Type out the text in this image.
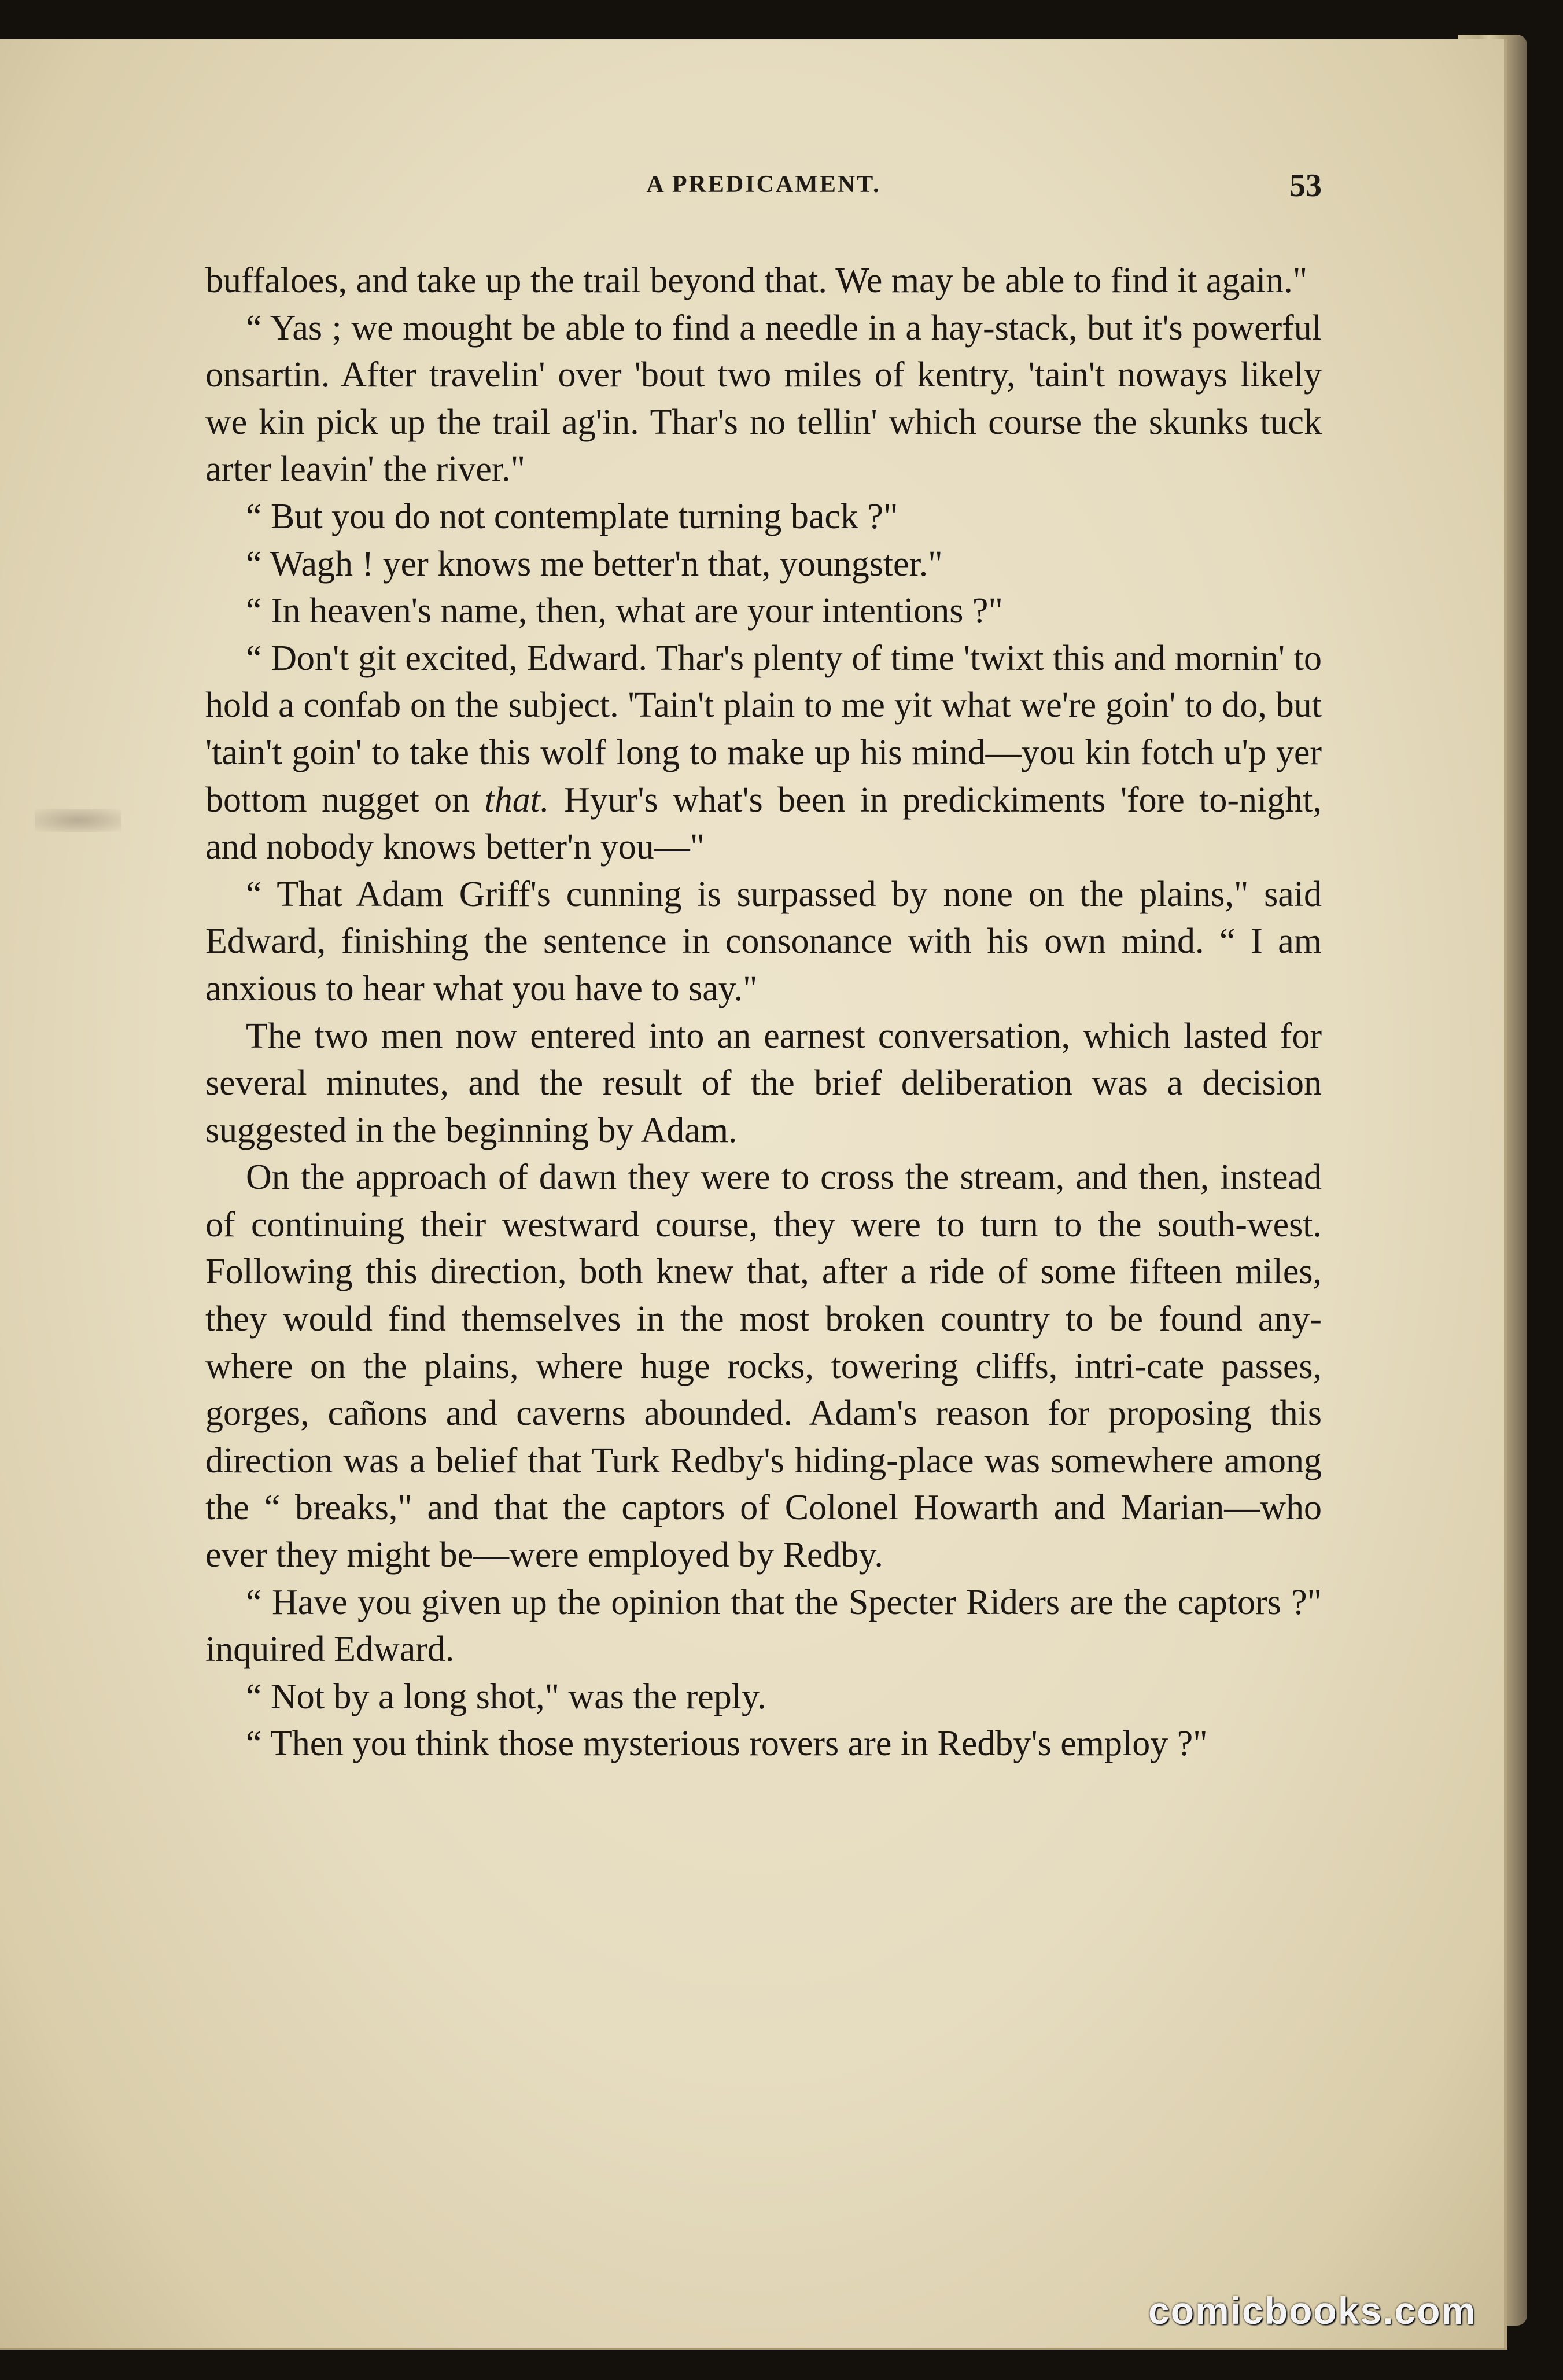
A PREDICAMENT.	53

buffaloes, and take up the trail beyond that. We may be able to find it again."

“ Yas ; we mought be able to find a needle in a hay-stack, but it's powerful onsartin. After travelin' over 'bout two miles of kentry, 'tain't noways likely we kin pick up the trail ag'in. Thar's no tellin' which course the skunks tuck arter leavin' the river."

“ But you do not contemplate turning back ?"

“ Wagh ! yer knows me better'n that, youngster."

“ In heaven's name, then, what are your intentions ?"

“ Don't git excited, Edward. Thar's plenty of time 'twixt this and mornin' to hold a confab on the subject. 'Tain't plain to me yit what we're goin' to do, but 'tain't goin' to take this wolf long to make up his mind—you kin fotch u'p yer bottom nugget on that. Hyur's what's been in predickiments 'fore to-night, and nobody knows better'n you—"

“ That Adam Griff's cunning is surpassed by none on the plains," said Edward, finishing the sentence in consonance with his own mind. “ I am anxious to hear what you have to say."

The two men now entered into an earnest conversation, which lasted for several minutes, and the result of the brief deliberation was a decision suggested in the beginning by Adam.

On the approach of dawn they were to cross the stream, and then, instead of continuing their westward course, they were to turn to the south-west. Following this direction, both knew that, after a ride of some fifteen miles, they would find themselves in the most broken country to be found any-where on the plains, where huge rocks, towering cliffs, intri-cate passes, gorges, cañons and caverns abounded. Adam's reason for proposing this direction was a belief that Turk Redby's hiding-place was somewhere among the “ breaks," and that the captors of Colonel Howarth and Marian—who ever they might be—were employed by Redby.

“ Have you given up the opinion that the Specter Riders are the captors ?" inquired Edward.

“ Not by a long shot," was the reply.

“ Then you think those mysterious rovers are in Redby's employ ?"

comicbooks.com
